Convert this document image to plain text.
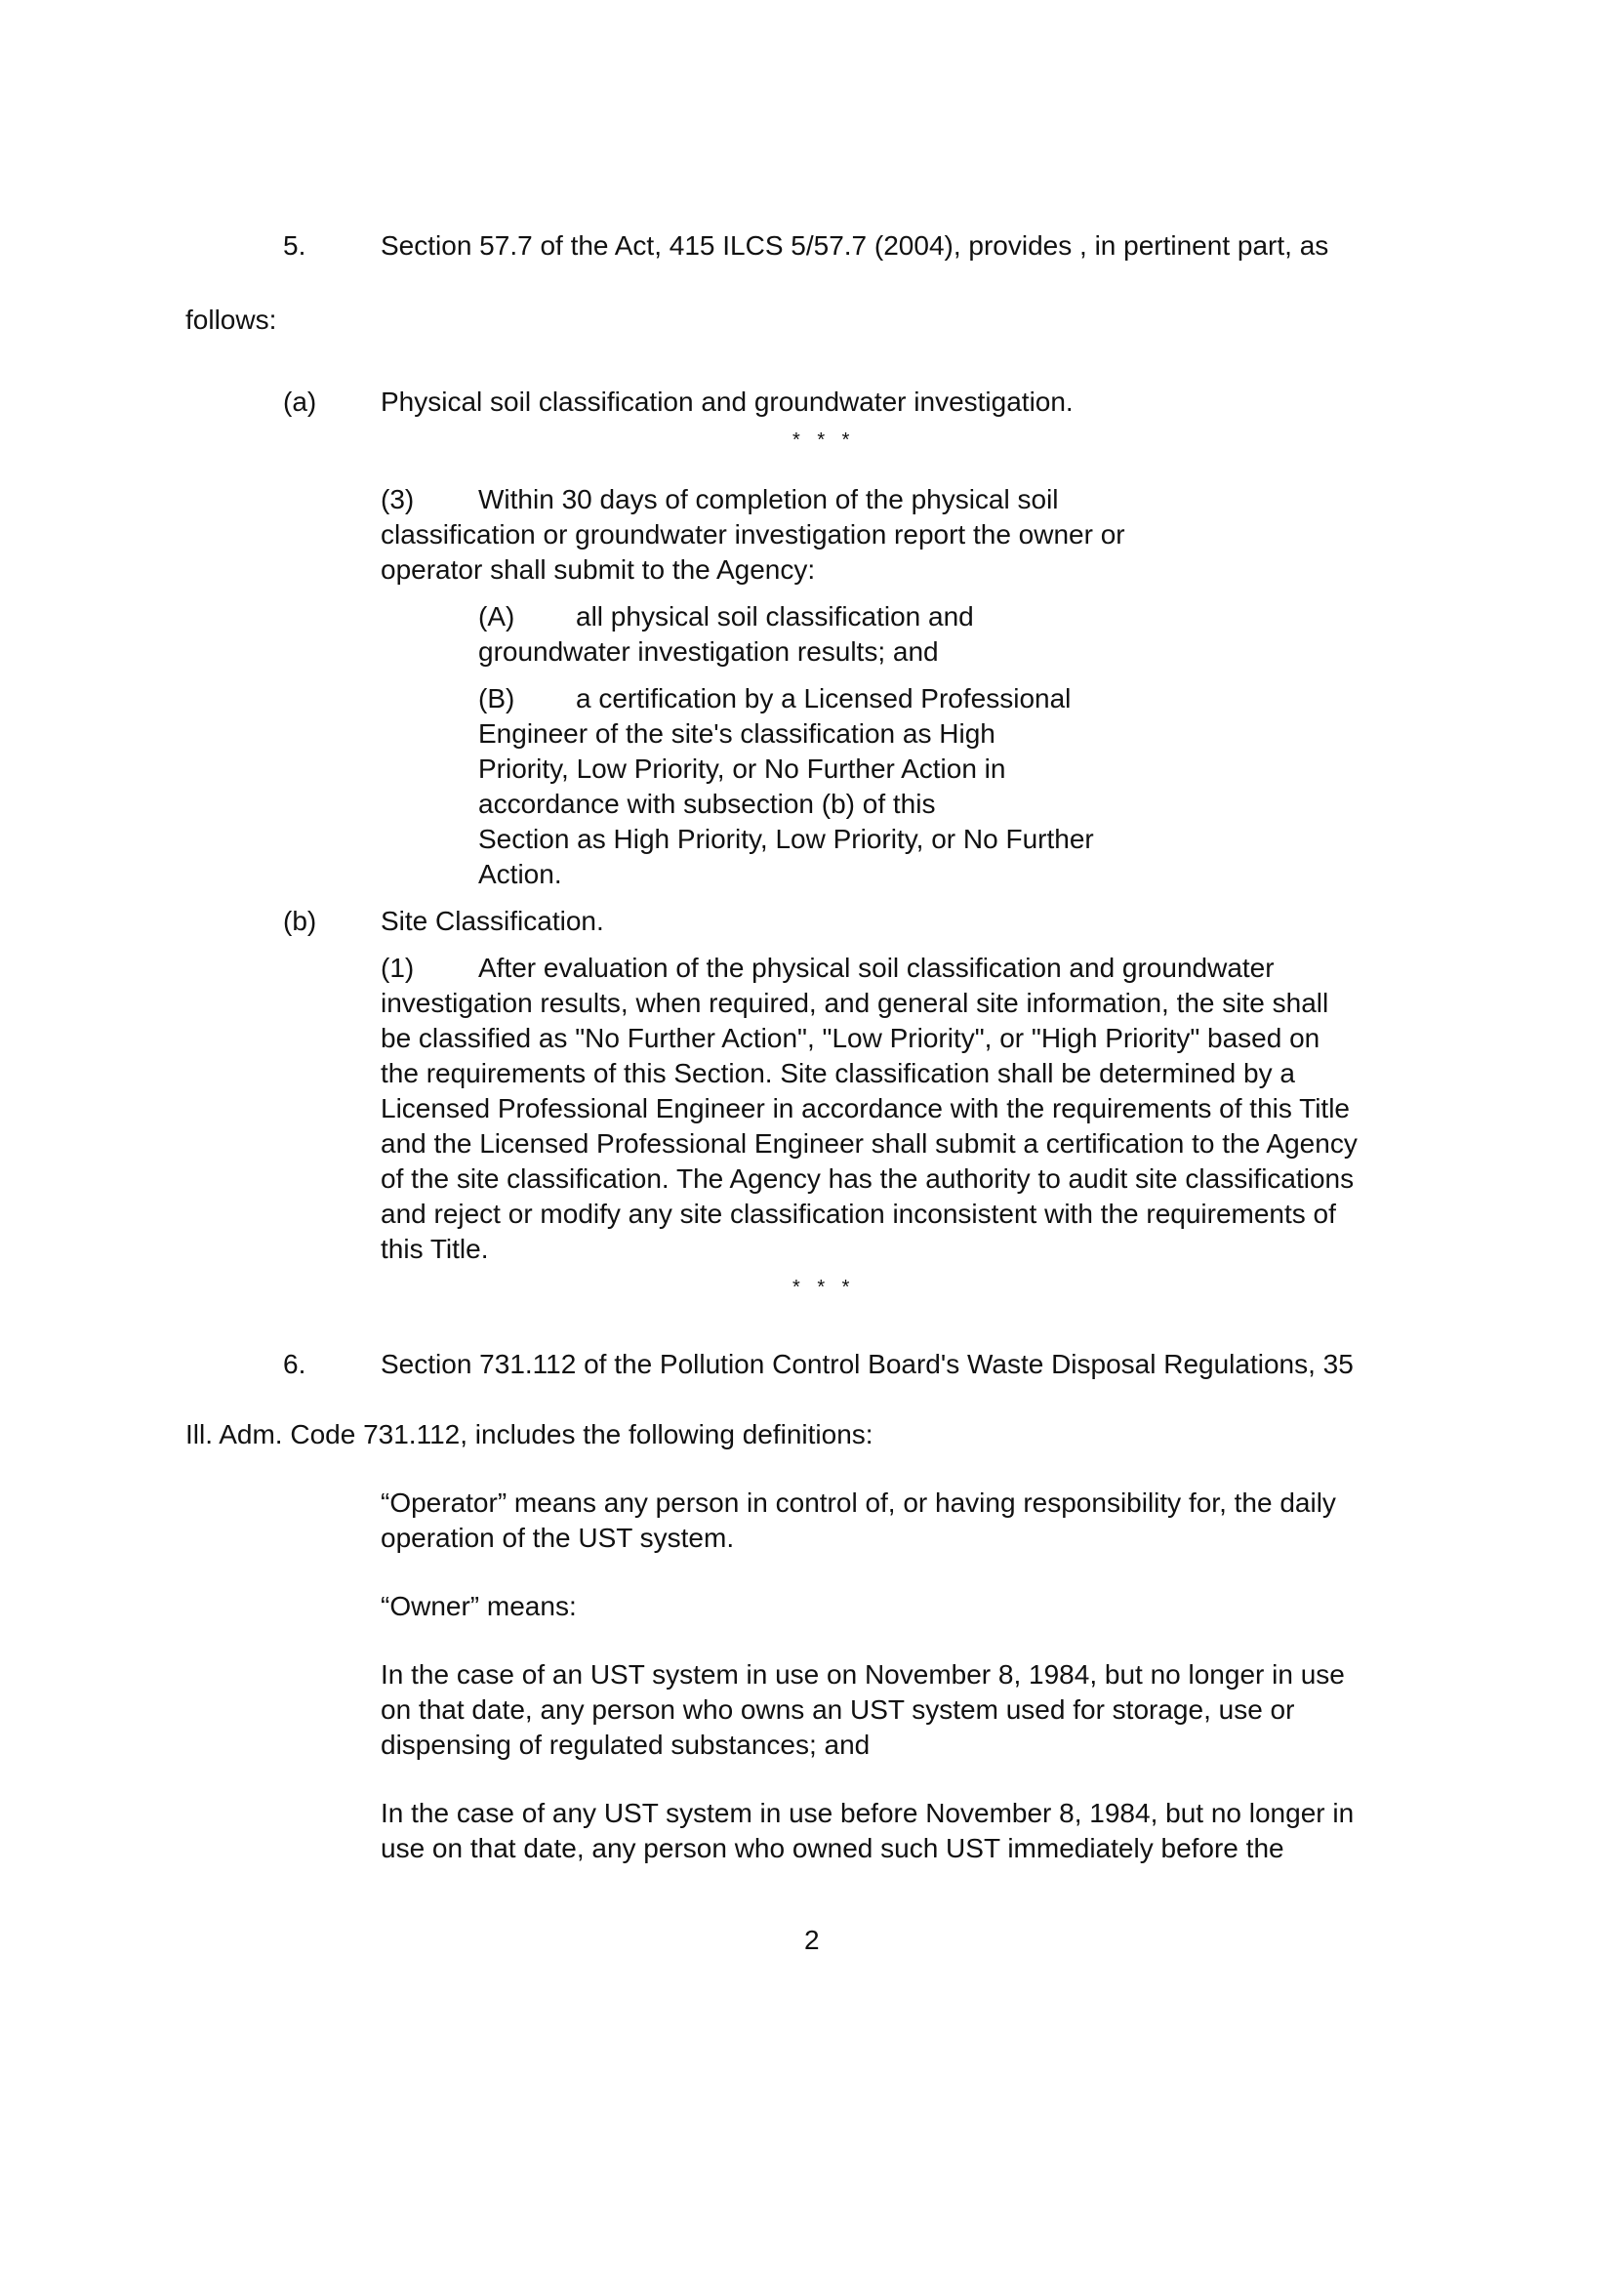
5.	Section 57.7 of the Act, 415 ILCS 5/57.7 (2004), provides , in pertinent part, as
follows:
(a) Physical soil classification and groundwater investigation.
* * *
(3) Within 30 days of completion of the physical soil
classification or groundwater investigation report the owner or
operator shall submit to the Agency:
(A) all physical soil classification and
groundwater investigation results; and
(B) a certification by a Licensed Professional
Engineer of the site's classification as High
Priority, Low Priority, or No Further Action in
accordance with subsection (b) of this
Section as High Priority, Low Priority, or No Further
Action.
(b) Site Classification.
(1) After evaluation of the physical soil classification and groundwater
investigation results, when required, and general site information, the site shall
be classified as "No Further Action", "Low Priority", or "High Priority" based on
the requirements of this Section. Site classification shall be determined by a
Licensed Professional Engineer in accordance with the requirements of this Title
and the Licensed Professional Engineer shall submit a certification to the Agency
of the site classification. The Agency has the authority to audit site classifications
and reject or modify any site classification inconsistent with the requirements of
this Title.
* * *
6.	Section 731.112 of the Pollution Control Board's Waste Disposal Regulations, 35
Ill. Adm. Code 731.112, includes the following definitions:
“Operator” means any person in control of, or having responsibility for, the daily
operation of the UST system.
“Owner” means:
In the case of an UST system in use on November 8, 1984, but no longer in use
on that date, any person who owns an UST system used for storage, use or
dispensing of regulated substances; and
In the case of any UST system in use before November 8, 1984, but no longer in
use on that date, any person who owned such UST immediately before the
2
